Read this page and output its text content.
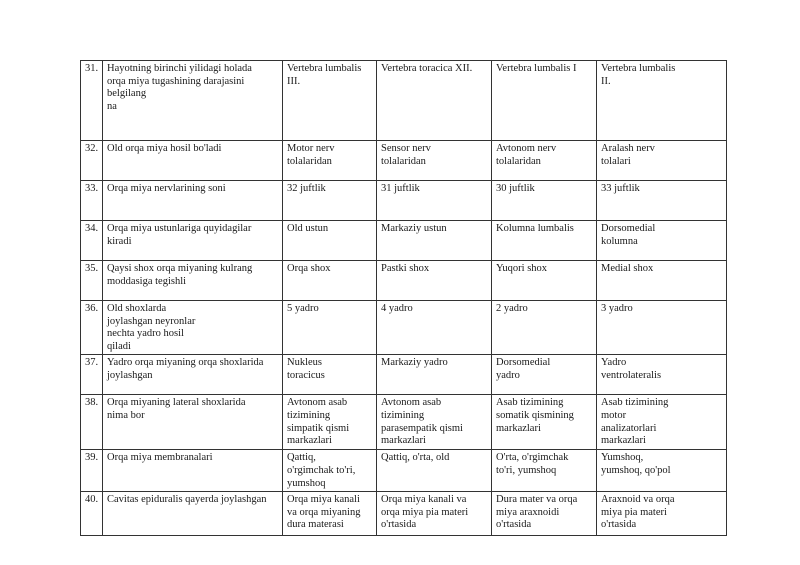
31.	Hayotning birinchi yilidagi holada
orqa miya tugashining darajasini
belgilang
na	Vertebra lumbalis
III.	Vertebra toracica XII.	Vertebra lumbalis I	Vertebra lumbalis
II.
32.	Old orqa miya hosil bo'ladi	Motor nerv
tolalaridan	Sensor nerv
tolalaridan	Avtonom nerv
tolalaridan	Aralash nerv
tolalari
33.	Orqa miya nervlarining soni	32 juftlik	31 juftlik	30 juftlik	33 juftlik
34.	Orqa miya ustunlariga quyidagilar
kiradi	Old ustun	Markaziy ustun	Kolumna lumbalis	Dorsomedial
kolumna
35.	Qaysi shox orqa miyaning kulrang
moddasiga tegishli	Orqa shox	Pastki shox	Yuqori shox	Medial shox
36.	Old shoxlarda
joylashgan neyronlar
nechta yadro hosil
qiladi	5 yadro	4 yadro	2 yadro	3 yadro
37.	Yadro orqa miyaning orqa shoxlarida
joylashgan	Nukleus
toracicus	Markaziy yadro	Dorsomedial
yadro	Yadro
ventrolateralis
38.	Orqa miyaning lateral shoxlarida
nima bor	Avtonom asab
tizimining
simpatik qismi
markazlari	Avtonom asab
tizimining
parasempatik qismi
markazlari	Asab tizimining
somatik qismining
markazlari	Asab tizimining
motor
analizatorlari
markazlari
39.	Orqa miya membranalari	Qattiq,
o'rgimchak to'ri,
yumshoq	Qattiq, o'rta, old	O'rta, o'rgimchak
to'ri, yumshoq	Yumshoq,
yumshoq, qo'pol
40.	Cavitas epiduralis qayerda joylashgan	Orqa miya kanali
va orqa miyaning
dura materasi	Orqa miya kanali va
orqa miya pia materi
o'rtasida	Dura mater va orqa
miya araxnoidi
o'rtasida	Araxnoid va orqa
miya pia materi
o'rtasida
